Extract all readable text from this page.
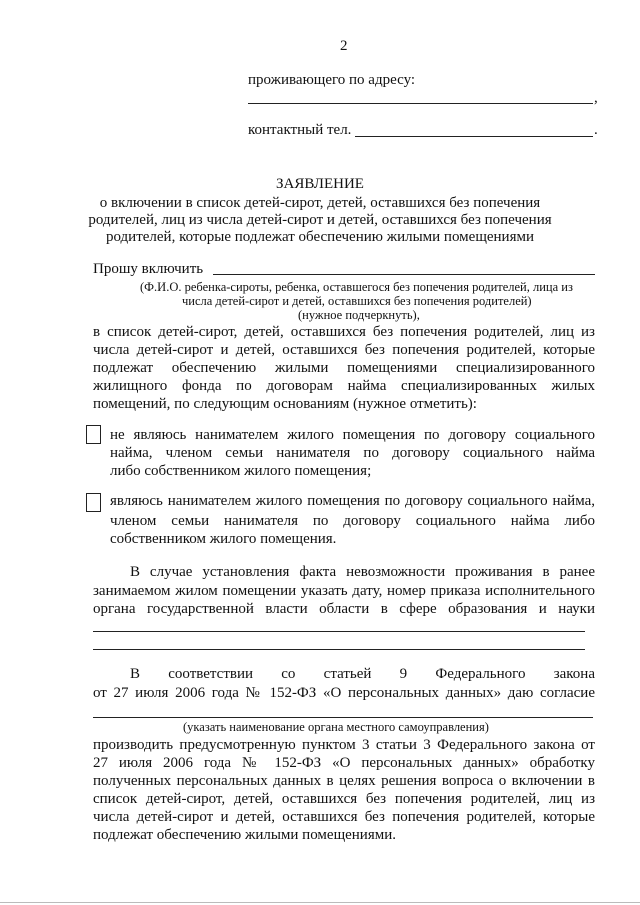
2
проживающего по адресу:
,
контактный тел.	.
ЗАЯВЛЕНИЕ
о включении в список детей-сирот, детей, оставшихся без попечения
родителей, лиц из числа детей-сирот и детей, оставшихся без попечения
родителей, которые подлежат обеспечению жилыми помещениями
Прошу включить
(Ф.И.О. ребенка-сироты, ребенка, оставшегося без попечения родителей, лица из
числа детей-сирот и детей, оставшихся без попечения родителей)
(нужное подчеркнуть),
в список детей-сирот, детей, оставшихся без попечения родителей, лиц из
числа детей-сирот и детей, оставшихся без попечения родителей, которые
подлежат обеспечению жилыми помещениями специализированного
жилищного фонда по договорам найма специализированных жилых
помещений, по следующим основаниям (нужное отметить):
не являюсь нанимателем жилого помещения по договору социального
найма, членом семьи нанимателя по договору социального найма
либо собственником жилого помещения;
являюсь нанимателем жилого помещения по договору социального найма,
членом семьи нанимателя по договору социального найма либо
собственником жилого помещения.
В случае установления факта невозможности проживания в ранее
занимаемом жилом помещении указать дату, номер приказа исполнительного
органа государственной власти области в сфере образования и науки
В соответствии со статьей 9 Федерального закона
от 27 июля 2006 года № 152-ФЗ «О персональных данных» даю согласие
(указать наименование органа местного самоуправления)
производить предусмотренную пунктом 3 статьи 3 Федерального закона от
27 июля 2006 года № 152-ФЗ «О персональных данных» обработку
полученных персональных данных в целях решения вопроса о включении в
список детей-сирот, детей, оставшихся без попечения родителей, лиц из
числа детей-сирот и детей, оставшихся без попечения родителей, которые
подлежат обеспечению жилыми помещениями.
